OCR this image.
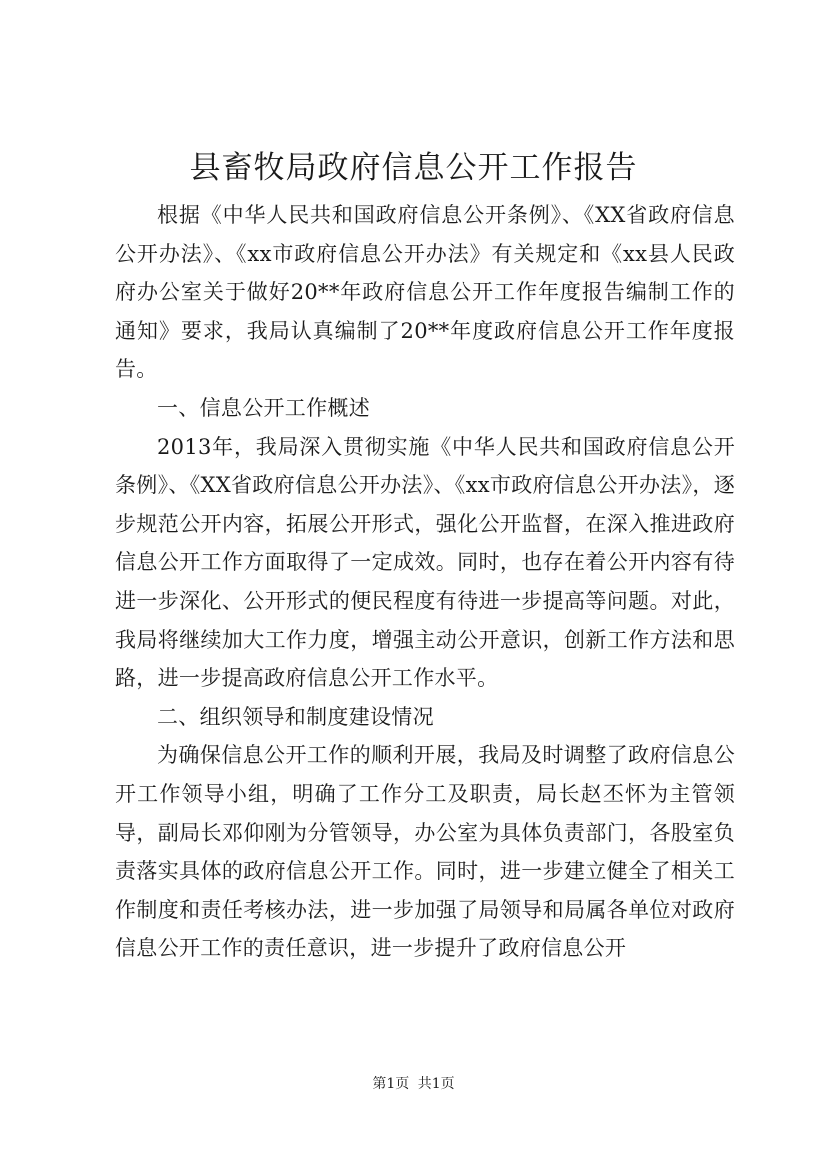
县畜牧局政府信息公开工作报告

根据《中华人民共和国政府信息公开条例》、《XX省政府信息公开办法》、《xx市政府信息公开办法》有关规定和《xx县人民政府办公室关于做好20**年政府信息公开工作年度报告编制工作的通知》要求，我局认真编制了20**年度政府信息公开工作年度报告。

一、信息公开工作概述

2013年，我局深入贯彻实施《中华人民共和国政府信息公开条例》、《XX省政府信息公开办法》、《xx市政府信息公开办法》，逐步规范公开内容，拓展公开形式，强化公开监督，在深入推进政府信息公开工作方面取得了一定成效。同时，也存在着公开内容有待进一步深化、公开形式的便民程度有待进一步提高等问题。对此，我局将继续加大工作力度，增强主动公开意识，创新工作方法和思路，进一步提高政府信息公开工作水平。

二、组织领导和制度建设情况

为确保信息公开工作的顺利开展，我局及时调整了政府信息公开工作领导小组，明确了工作分工及职责，局长赵丕怀为主管领导，副局长邓仰刚为分管领导，办公室为具体负责部门，各股室负责落实具体的政府信息公开工作。同时，进一步建立健全了相关工作制度和责任考核办法，进一步加强了局领导和局属各单位对政府信息公开工作的责任意识，进一步提升了政府信息公开

第1页 共1页
